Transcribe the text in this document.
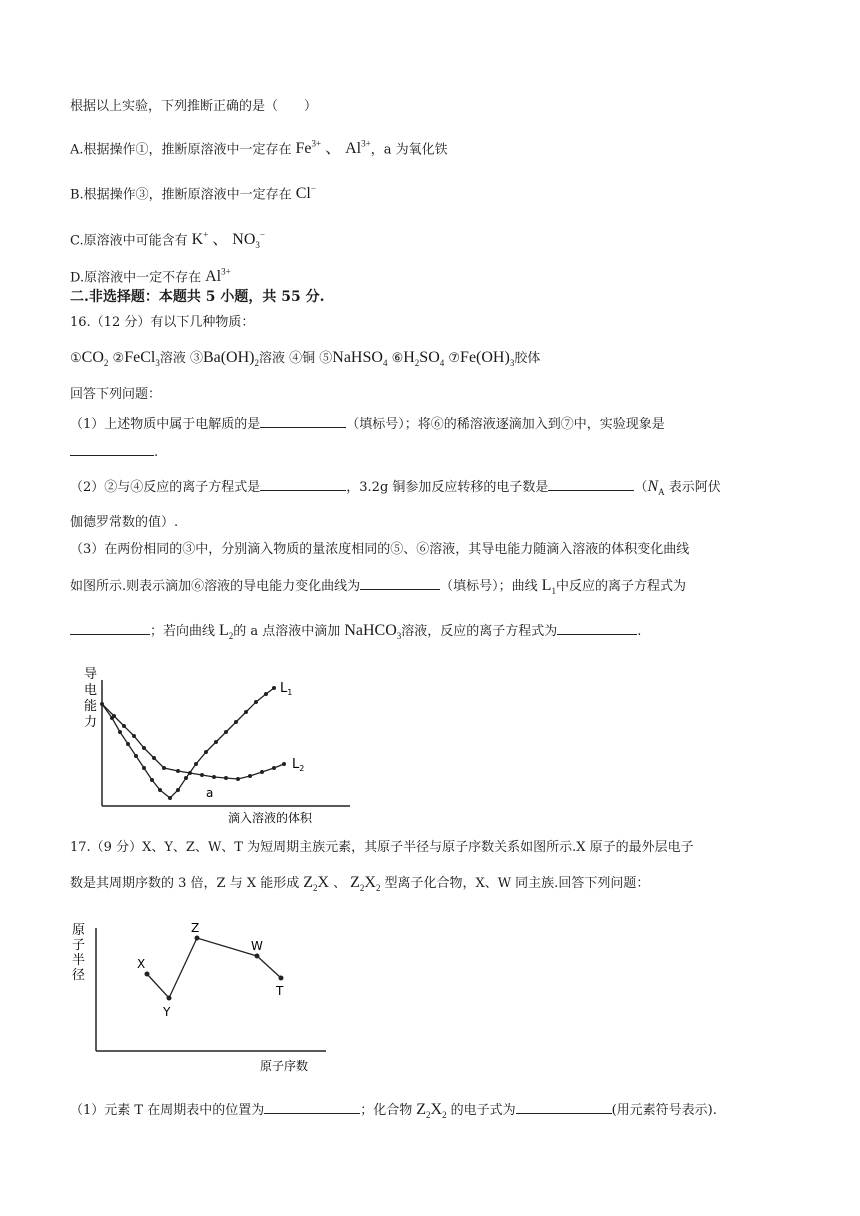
根据以上实验，下列推断正确的是（　　）
A.根据操作①，推断原溶液中一定存在 $Fe^{3+}$ 、 $Al^{3+}$，a 为氧化铁
B.根据操作③，推断原溶液中一定存在 Cl−
C.原溶液中可能含有 K+ 、 $NO_3^-$
D.原溶液中一定不存在 $Al^{3+}$
二.非选择题：本题共 5 小题，共 55 分.
16.（12 分）有以下几种物质：
$①CO_2$ ②FeCl$_3$溶液 $③Ba(OH)_2$溶液 ④铜 ⑤NaHSO$_4$ $⑥H_2SO_4$ $⑦Fe(OH)_3$胶体
回答下列问题：
（1）上述物质中属于电解质的是	（填标号）；将⑥的稀溶液逐滴加入到⑦中，实验现象是
.
（2）②与④反应的离子方程式是	，3.2g 铜参加反应转移的电子数是	（$N_A$ 表示阿伏
伽德罗常数的值）.
（3）在两份相同的③中，分别滴入物质的量浓度相同的⑤、⑥溶液，其导电能力随滴入溶液的体积变化曲线
如图所示.则表示滴加⑥溶液的导电能力变化曲线为	（填标号）；曲线 $L_1$中反应的离子方程式为
；若向曲线 $L_2$的 a 点溶液中滴加 NaHCO$_3$溶液，反应的离子方程式为	.
导
电
能
力
$L_1$
$L_2$
a
滴入溶液的体积
17.（9 分）X、Y、Z、W、T 为短周期主族元素，其原子半径与原子序数关系如图所示.X 原子的最外层电子
数是其周期序数的 3 倍，Z 与 X 能形成 $Z_2X$ 、 $Z_2X_2$ 型离子化合物，X、W 同主族.回答下列问题：
原
子
半
径
X
Y
Z
W
T
原子序数
（1）元素 T 在周期表中的位置为	；化合物 $Z_2X_2$ 的电子式为	(用元素符号表示).
